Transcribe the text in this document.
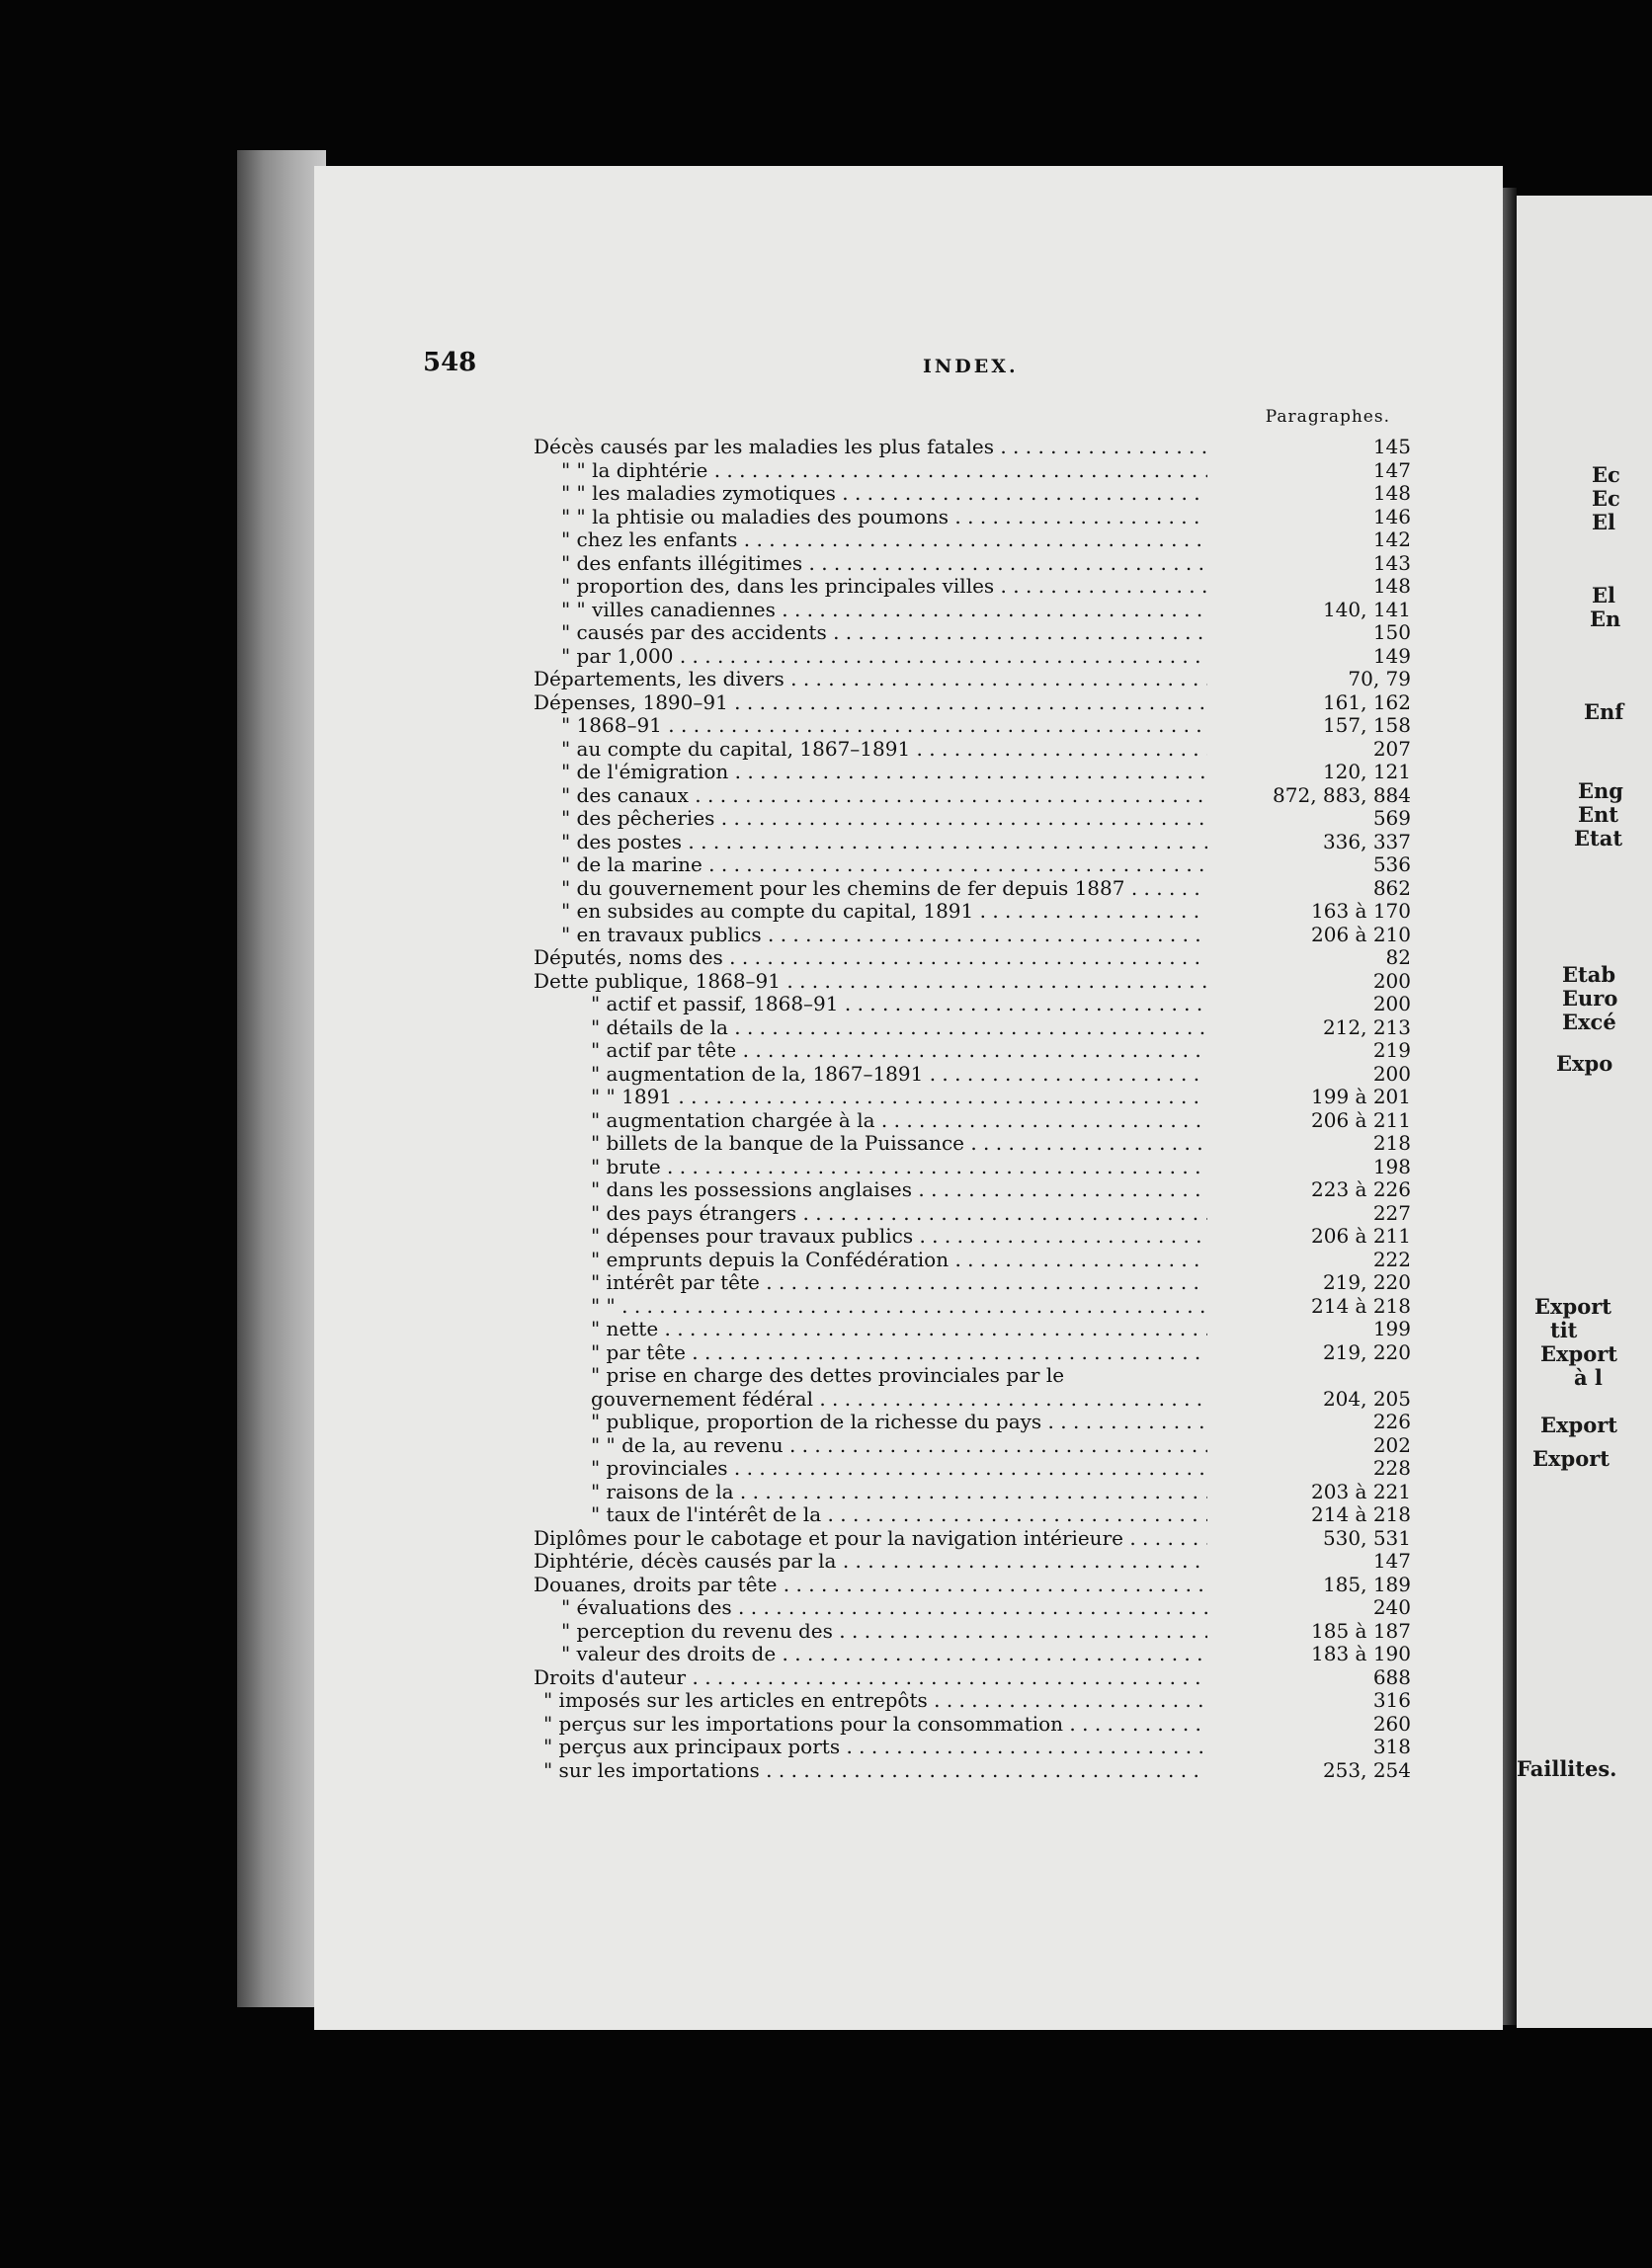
548	INDEX.
Paragraphes.
Décès causés par les maladies les plus fatales . . .	145
" " la diphtérie . . .	147
" " les maladies zymotiques . . .	148
" " la phtisie ou maladies des poumons . . .	146
" chez les enfants . . .	142
" des enfants illégitimes . . .	143
" proportion des, dans les principales villes . . .	148
" " villes canadiennes . . .	140, 141
" causés par des accidents . . .	150
" par 1,000 . . .	149
Départements, les divers . . .	70, 79
Dépenses, 1890–91 . . .	161, 162
" 1868–91 . . .	157, 158
" au compte du capital, 1867–1891 . . .	207
" de l'émigration . . .	120, 121
" des canaux . . .	872, 883, 884
" des pêcheries . . .	569
" des postes . . .	336, 337
" de la marine . . .	536
" du gouvernement pour les chemins de fer depuis 1887 . . .	862
" en subsides au compte du capital, 1891 . . .	163 à 170
" en travaux publics . . .	206 à 210
Députés, noms des . . .	82
Dette publique, 1868–91 . . .	200
" actif et passif, 1868–91 . . .	200
" détails de la . . .	212, 213
" actif par tête . . .	219
" augmentation de la, 1867–1891 . . .	200
" " 1891 . . .	199 à 201
" augmentation chargée à la . . .	206 à 211
" billets de la banque de la Puissance . . .	218
" brute . . .	198
" dans les possessions anglaises . . .	223 à 226
" des pays étrangers . . .	227
" dépenses pour travaux publics . . .	206 à 211
" emprunts depuis la Confédération . . .	222
" intérêt par tête . . .	219, 220
" " . . .	214 à 218
" nette . . .	199
" par tête . . .	219, 220
" prise en charge des dettes provinciales par le
gouvernement fédéral . . .	204, 205
" publique, proportion de la richesse du pays . . .	226
" " de la, au revenu . . .	202
" provinciales . . .	228
" raisons de la . . .	203 à 221
" taux de l'intérêt de la . . .	214 à 218
Diplômes pour le cabotage et pour la navigation intérieure . . .	530, 531
Diphtérie, décès causés par la . . .	147
Douanes, droits par tête . . .	185, 189
" évaluations des . . .	240
" perception du revenu des . . .	185 à 187
" valeur des droits de . . .	183 à 190
Droits d'auteur . . .	688
" imposés sur les articles en entrepôts . . .	316
" perçus sur les importations pour la consommation . . .	260
" perçus aux principaux ports . . .	318
" sur les importations . . .	253, 254
Ec
Ec
El
El
En
Enf
Eng
Ent
Etat
Etab
Euro
Excé
Expo
Export
tit
Export
à l
Export
Export
Faillites.
